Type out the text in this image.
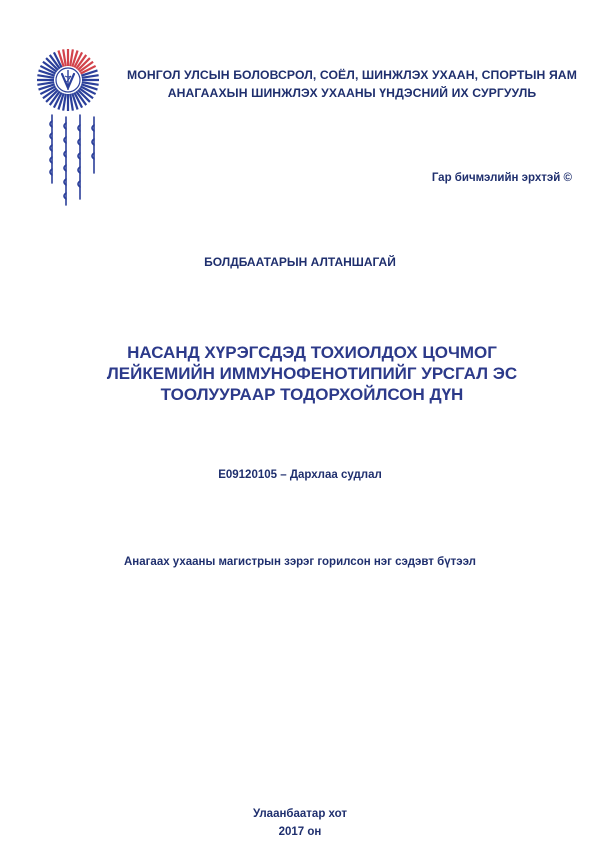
МОНГОЛ УЛСЫН БОЛОВСРОЛ, СОЁЛ, ШИНЖЛЭХ УХААН, СПОРТЫН ЯАМ
АНАГААХЫН ШИНЖЛЭХ УХААНЫ ҮНДЭСНИЙ ИХ СУРГУУЛЬ
Гар бичмэлийн эрхтэй ©
БОЛДБААТАРЫН АЛТАНШАГАЙ
НАСАНД ХҮРЭГСДЭД ТОХИОЛДОХ ЦОЧМОГ
ЛЕЙКЕМИЙН ИММУНОФЕНОТИПИЙГ УРСГАЛ ЭС
ТООЛУУРААР ТОДОРХОЙЛСОН ДҮН
E09120105 – Дархлаа судлал
Анагаах ухааны магистрын зэрэг горилсон нэг сэдэвт бүтээл
Улаанбаатар хот
2017 он
